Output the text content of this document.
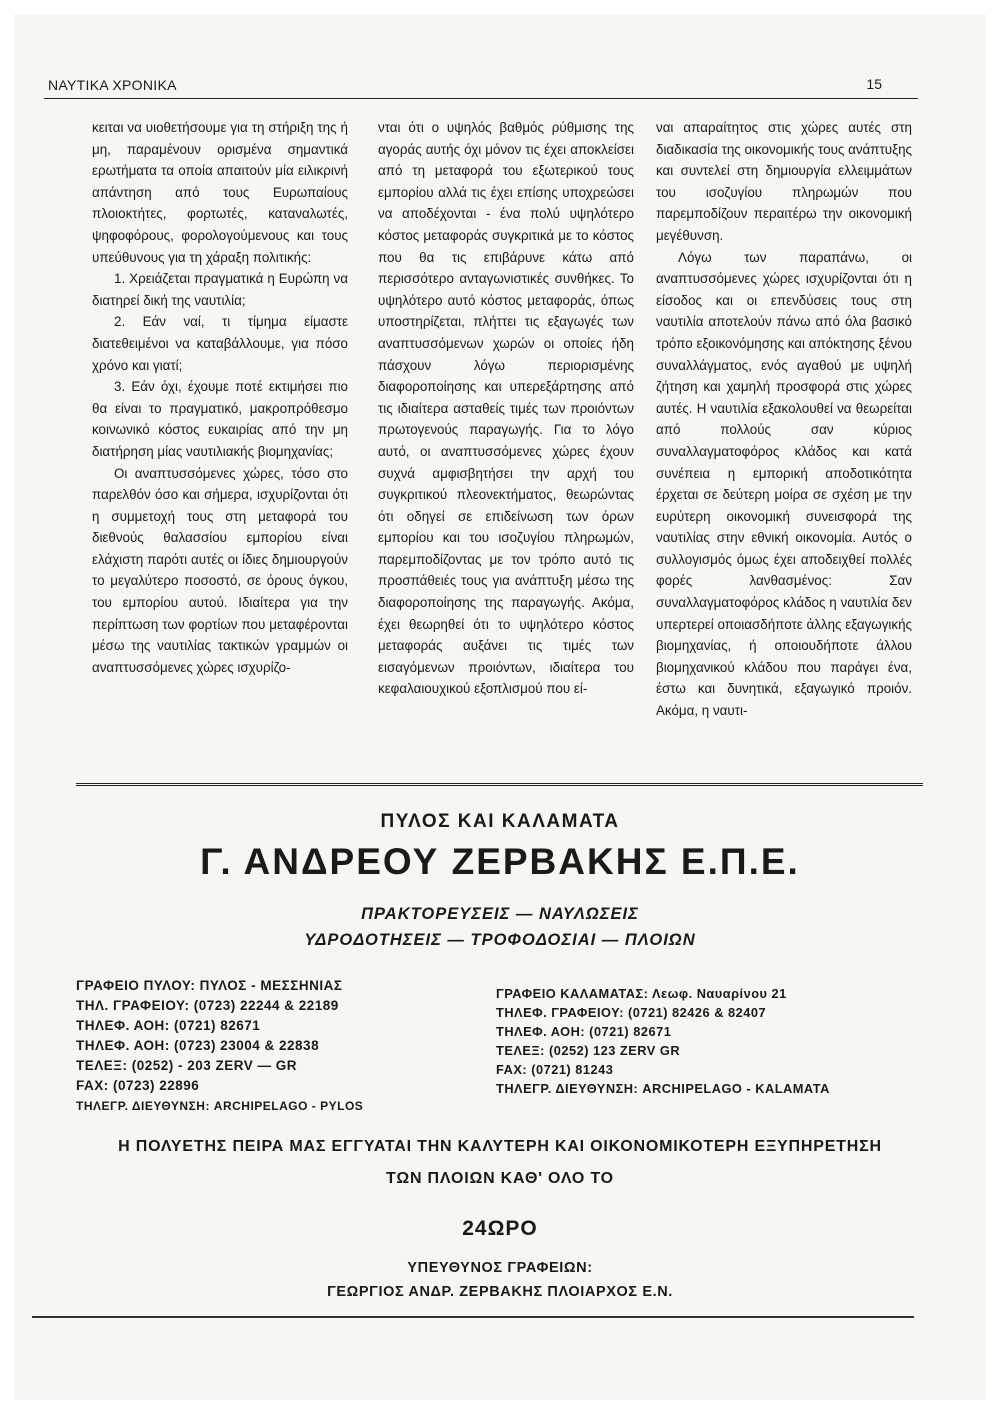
ΝΑΥΤΙΚΑ ΧΡΟΝΙΚΑ	15

κειται να υιοθετήσουμε για τη στήριξη της ή μη, παραμένουν ορισμένα σημαντικά ερωτήματα τα οποία απαιτούν μία ειλικρινή απάντηση από τους Ευρωπαίους πλοιοκτήτες, φορτωτές, καταναλωτές, ψηφοφόρους, φορολογούμενους και τους υπεύθυνους για τη χάραξη πολιτικής:

1. Χρειάζεται πραγματικά η Ευρώπη να διατηρεί δική της ναυτιλία;

2. Εάν ναί, τι τίμημα είμαστε διατεθειμένοι να καταβάλλουμε, για πόσο χρόνο και γιατί;

3. Εάν όχι, έχουμε ποτέ εκτιμήσει πιο θα είναι το πραγματικό, μακροπρόθεσμο κοινωνικό κόστος ευκαιρίας από την μη διατήρηση μίας ναυτιλιακής βιομηχανίας;

Οι αναπτυσσόμενες χώρες, τόσο στο παρελθόν όσο και σήμερα, ισχυρίζονται ότι η συμμετοχή τους στη μεταφορά του διεθνούς θαλασσίου εμπορίου είναι ελάχιστη παρότι αυτές οι ίδιες δημιουργούν το μεγαλύτερο ποσοστό, σε όρους όγκου, του εμπορίου αυτού. Ιδιαίτερα για την περίπτωση των φορτίων που μεταφέρονται μέσω της ναυτιλίας τακτικών γραμμών οι αναπτυσσόμενες χώρες ισχυρίζο-

νται ότι ο υψηλός βαθμός ρύθμισης της αγοράς αυτής όχι μόνον τις έχει αποκλείσει από τη μεταφορά του εξωτερικού τους εμπορίου αλλά τις έχει επίσης υποχρεώσει να αποδέχονται - ένα πολύ υψηλότερο κόστος μεταφοράς συγκριτικά με το κόστος που θα τις επιβάρυνε κάτω από περισσότερο ανταγωνιστικές συνθήκες. Το υψηλότερο αυτό κόστος μεταφοράς, όπως υποστηρίζεται, πλήττει τις εξαγωγές των αναπτυσσόμενων χωρών οι οποίες ήδη πάσχουν λόγω περιορισμένης διαφοροποίησης και υπερεξάρτησης από τις ιδιαίτερα ασταθείς τιμές των προιόντων πρωτογενούς παραγωγής. Για το λόγο αυτό, οι αναπτυσσόμενες χώρες έχουν συχνά αμφισβητήσει την αρχή του συγκριτικού πλεονεκτήματος, θεωρώντας ότι οδηγεί σε επιδείνωση των όρων εμπορίου και του ισοζυγίου πληρωμών, παρεμποδίζοντας με τον τρόπο αυτό τις προσπάθειές τους για ανάπτυξη μέσω της διαφοροποίησης της παραγωγής. Ακόμα, έχει θεωρηθεί ότι το υψηλότερο κόστος μεταφοράς αυξάνει τις τιμές των εισαγόμενων προιόντων, ιδιαίτερα του κεφαλαιουχικού εξοπλισμού που εί-

ναι απαραίτητος στις χώρες αυτές στη διαδικασία της οικονομικής τους ανάπτυξης και συντελεί στη δημιουργία ελλειμμάτων του ισοζυγίου πληρωμών που παρεμποδίζουν περαιτέρω την οικονομική μεγέθυνση.

Λόγω των παραπάνω, οι αναπτυσσόμενες χώρες ισχυρίζονται ότι η είσοδος και οι επενδύσεις τους στη ναυτιλία αποτελούν πάνω από όλα βασικό τρόπο εξοικονόμησης και απόκτησης ξένου συναλλάγματος, ενός αγαθού με υψηλή ζήτηση και χαμηλή προσφορά στις χώρες αυτές. Η ναυτιλία εξακολουθεί να θεωρείται από πολλούς σαν κύριος συναλλαγματοφόρος κλάδος και κατά συνέπεια η εμπορική αποδοτικότητα έρχεται σε δεύτερη μοίρα σε σχέση με την ευρύτερη οικονομική συνεισφορά της ναυτιλίας στην εθνική οικονομία. Αυτός ο συλλογισμός όμως έχει αποδειχθεί πολλές φορές λανθασμένος: Σαν συναλλαγματοφόρος κλάδος η ναυτιλία δεν υπερτερεί οποιασδήποτε άλλης εξαγωγικής βιομηχανίας, ή οποιουδήποτε άλλου βιομηχανικού κλάδου που παράγει ένα, έστω και δυνητικά, εξαγωγικό προιόν. Ακόμα, η ναυτι-

ΠΥΛΟΣ ΚΑΙ ΚΑΛΑΜΑΤΑ
Γ. ΑΝΔΡΕΟΥ ΖΕΡΒΑΚΗΣ Ε.Π.Ε.
ΠΡΑΚΤΟΡΕΥΣΕΙΣ — ΝΑΥΛΩΣΕΙΣ
ΥΔΡΟΔΟΤΗΣΕΙΣ — ΤΡΟΦΟΔΟΣΙΑΙ — ΠΛΟΙΩΝ
ΓΡΑΦΕΙΟ ΠΥΛΟΥ: ΠΥΛΟΣ - ΜΕΣΣΗΝΙΑΣ
ΤΗΛ. ΓΡΑΦΕΙΟΥ: (0723) 22244 & 22189
ΤΗΛΕΦ. ΑΟΗ: (0721) 82671
ΤΗΛΕΦ. ΑΟΗ: (0723) 23004 & 22838
ΤΕΛΕΞ: (0252) - 203 ZERV — GR
FAX: (0723) 22896
ΤΗΛΕΓΡ. ΔΙΕΥΘΥΝΣΗ: ARCHIPELAGO - PYLOS
ΓΡΑΦΕΙΟ ΚΑΛΑΜΑΤΑΣ: Λεωφ. Ναυαρίνου 21
ΤΗΛΕΦ. ΓΡΑΦΕΙΟΥ: (0721) 82426 & 82407
ΤΗΛΕΦ. ΑΟΗ: (0721) 82671
ΤΕΛΕΞ: (0252) 123 ZERV GR
FAX: (0721) 81243
ΤΗΛΕΓΡ. ΔΙΕΥΘΥΝΣΗ: ARCHIPELAGO - KALAMATA
Η ΠΟΛΥΕΤΗΣ ΠΕΙΡΑ ΜΑΣ ΕΓΓΥΑΤΑΙ ΤΗΝ ΚΑΛΥΤΕΡΗ ΚΑΙ ΟΙΚΟΝΟΜΙΚΟΤΕΡΗ ΕΞΥΠΗΡΕΤΗΣΗ
ΤΩΝ ΠΛΟΙΩΝ ΚΑΘ' ΟΛΟ ΤΟ
24ΩΡΟ
ΥΠΕΥΘΥΝΟΣ ΓΡΑΦΕΙΩΝ:
ΓΕΩΡΓΙΟΣ ΑΝΔΡ. ΖΕΡΒΑΚΗΣ ΠΛΟΙΑΡΧΟΣ Ε.Ν.
